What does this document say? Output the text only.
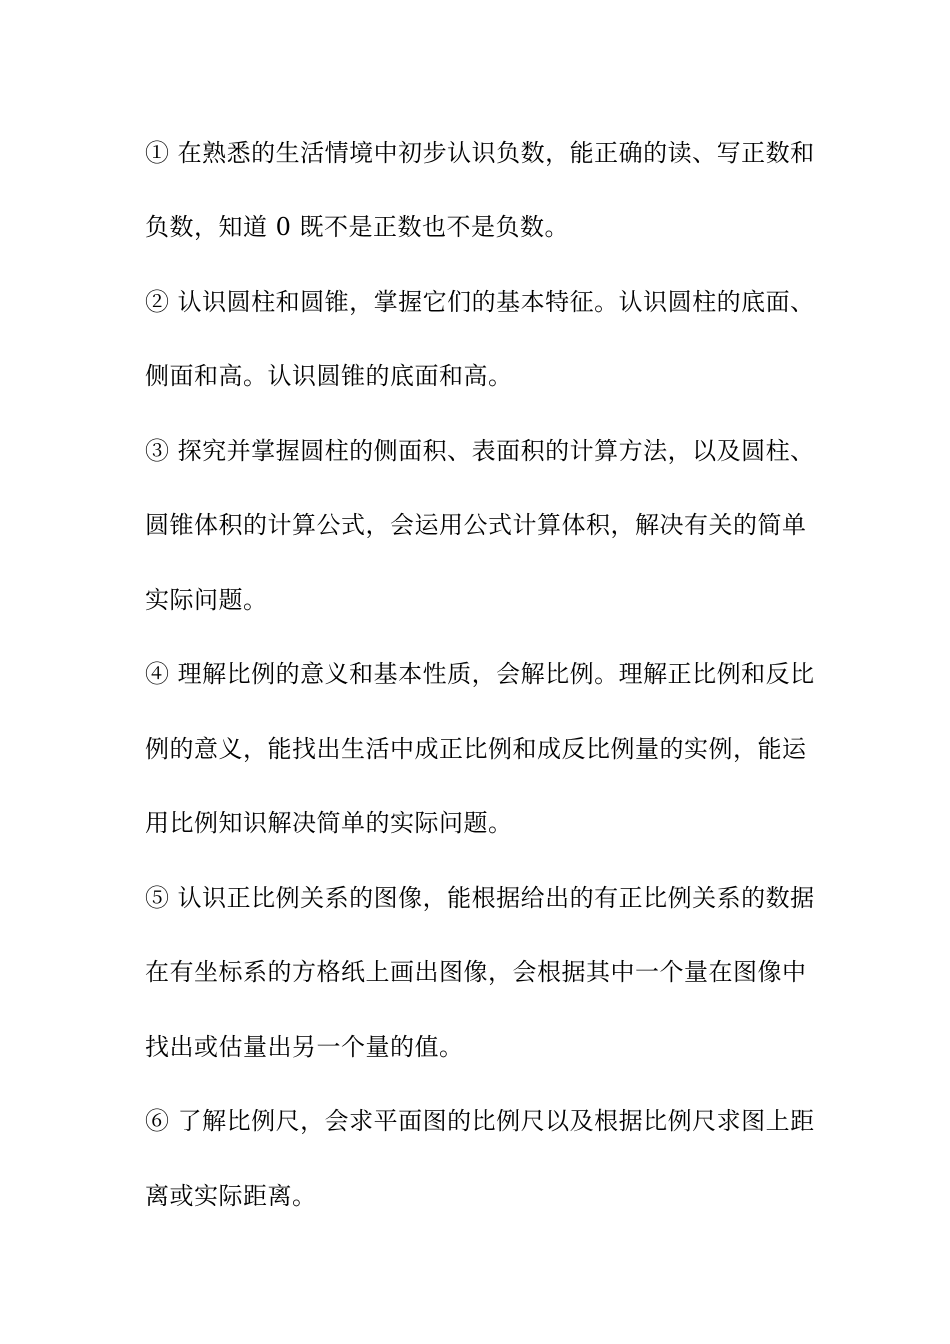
① 在熟悉的生活情境中初步认识负数，能正确的读、写正数和
负数，知道 0 既不是正数也不是负数。
② 认识圆柱和圆锥，掌握它们的基本特征。认识圆柱的底面、
侧面和高。认识圆锥的底面和高。
③ 探究并掌握圆柱的侧面积、表面积的计算方法，以及圆柱、
圆锥体积的计算公式，会运用公式计算体积，解决有关的简单
实际问题。
④ 理解比例的意义和基本性质，会解比例。理解正比例和反比
例的意义，能找出生活中成正比例和成反比例量的实例，能运
用比例知识解决简单的实际问题。
⑤ 认识正比例关系的图像，能根据给出的有正比例关系的数据
在有坐标系的方格纸上画出图像，会根据其中一个量在图像中
找出或估量出另一个量的值。
⑥ 了解比例尺，会求平面图的比例尺以及根据比例尺求图上距
离或实际距离。
